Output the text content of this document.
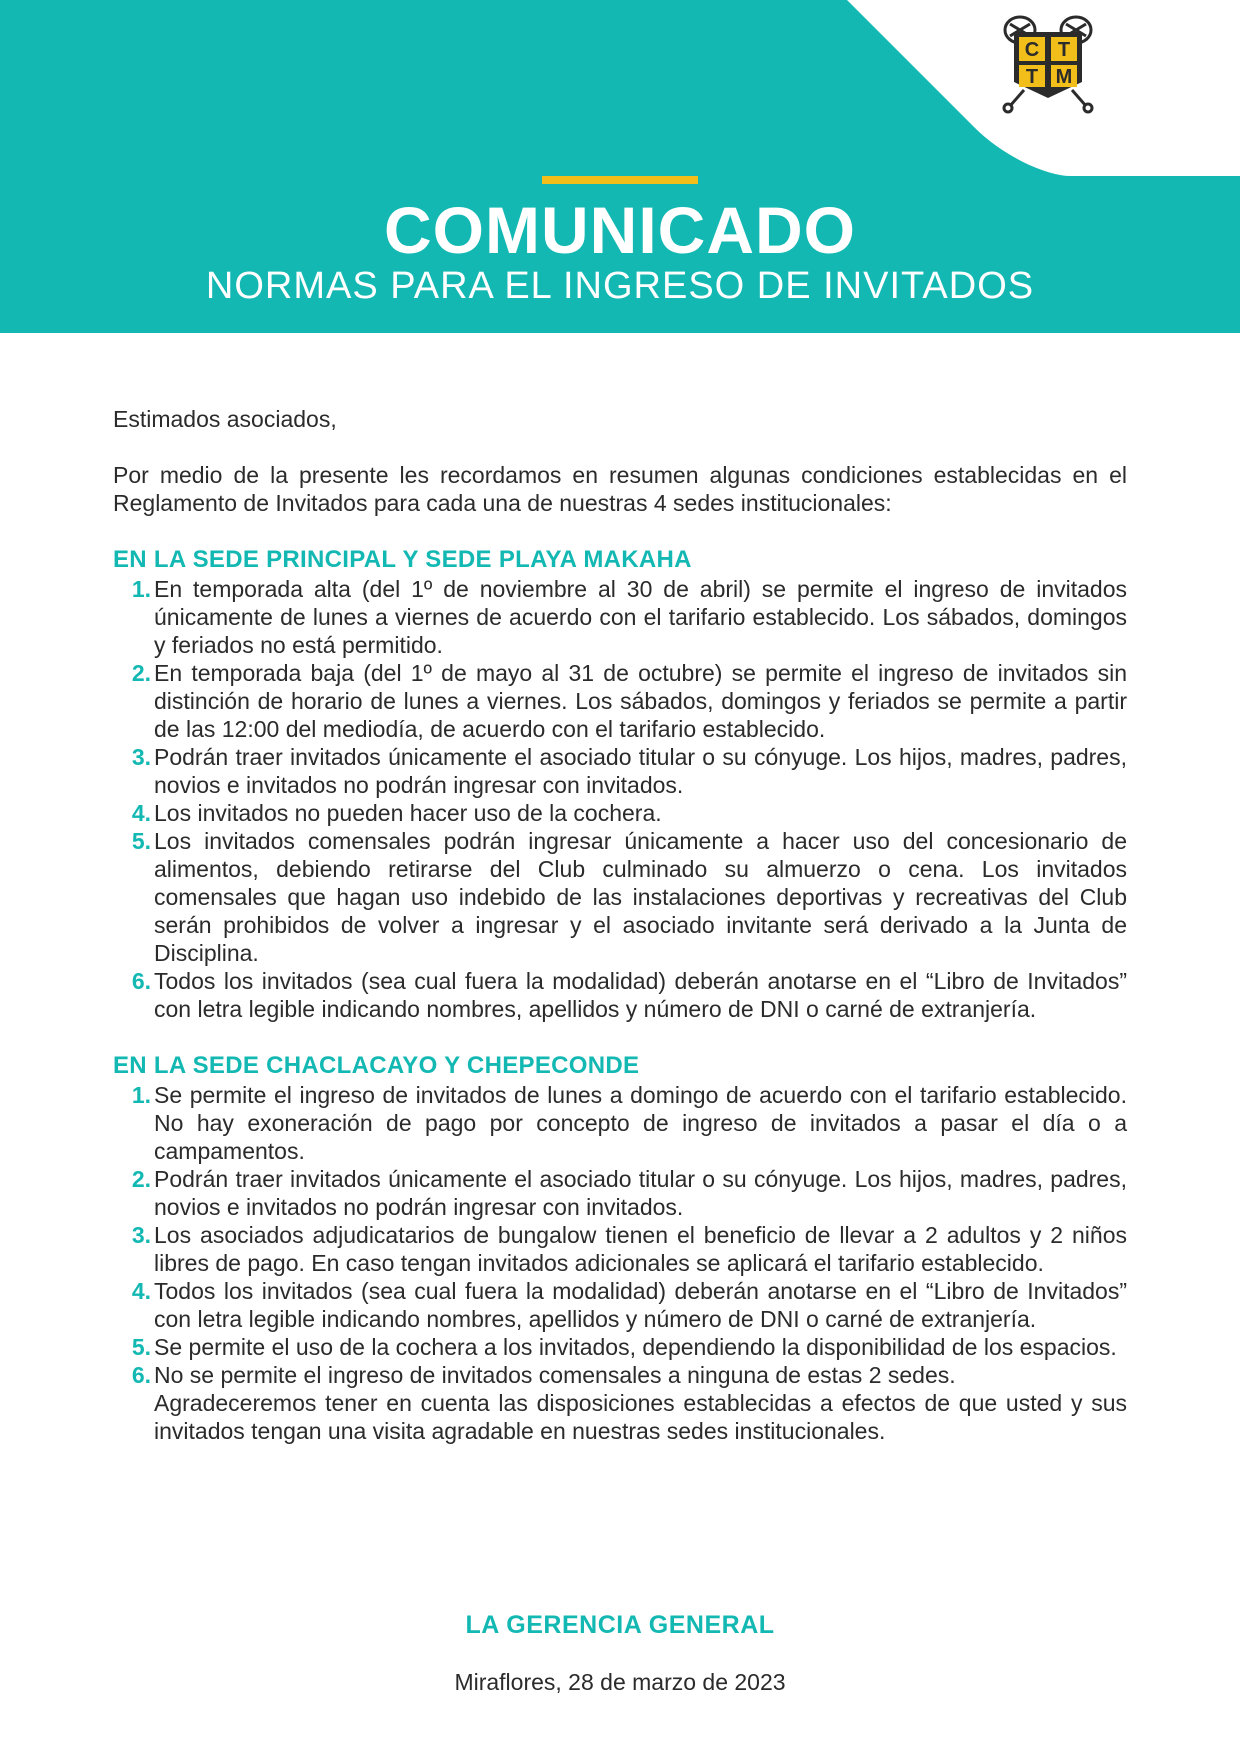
C T
T M
COMUNICADO
NORMAS PARA EL INGRESO DE INVITADOS

Estimados asociados,

Por medio de la presente les recordamos en resumen algunas condiciones establecidas en el Reglamento de Invitados para cada una de nuestras 4 sedes institucionales:

EN LA SEDE PRINCIPAL Y SEDE PLAYA MAKAHA
1. En temporada alta (del 1º de noviembre al 30 de abril) se permite el ingreso de invitados únicamente de lunes a viernes de acuerdo con el tarifario establecido. Los sábados, domingos y feriados no está permitido.
2. En temporada baja (del 1º de mayo al 31 de octubre) se permite el ingreso de invitados sin distinción de horario de lunes a viernes. Los sábados, domingos y feriados se permite a partir de las 12:00 del mediodía, de acuerdo con el tarifario establecido.
3. Podrán traer invitados únicamente el asociado titular o su cónyuge. Los hijos, madres, padres, novios e invitados no podrán ingresar con invitados.
4. Los invitados no pueden hacer uso de la cochera.
5. Los invitados comensales podrán ingresar únicamente a hacer uso del concesionario de alimentos, debiendo retirarse del Club culminado su almuerzo o cena. Los invitados comensales que hagan uso indebido de las instalaciones deportivas y recreativas del Club serán prohibidos de volver a ingresar y el asociado invitante será derivado a la Junta de Disciplina.
6. Todos los invitados (sea cual fuera la modalidad) deberán anotarse en el “Libro de Invitados” con letra legible indicando nombres, apellidos y número de DNI o carné de extranjería.
EN LA SEDE CHACLACAYO Y CHEPECONDE
1. Se permite el ingreso de invitados de lunes a domingo de acuerdo con el tarifario establecido. No hay exoneración de pago por concepto de ingreso de invitados a pasar el día o a campamentos.
2. Podrán traer invitados únicamente el asociado titular o su cónyuge. Los hijos, madres, padres, novios e invitados no podrán ingresar con invitados.
3. Los asociados adjudicatarios de bungalow tienen el beneficio de llevar a 2 adultos y 2 niños libres de pago. En caso tengan invitados adicionales se aplicará el tarifario establecido.
4. Todos los invitados (sea cual fuera la modalidad) deberán anotarse en el “Libro de Invitados” con letra legible indicando nombres, apellidos y número de DNI o carné de extranjería.
5. Se permite el uso de la cochera a los invitados, dependiendo la disponibilidad de los espacios.
6. No se permite el ingreso de invitados comensales a ninguna de estas 2 sedes.

Agradeceremos tener en cuenta las disposiciones establecidas a efectos de que usted y sus invitados tengan una visita agradable en nuestras sedes institucionales.

LA GERENCIA GENERAL
Miraflores, 28 de marzo de 2023
